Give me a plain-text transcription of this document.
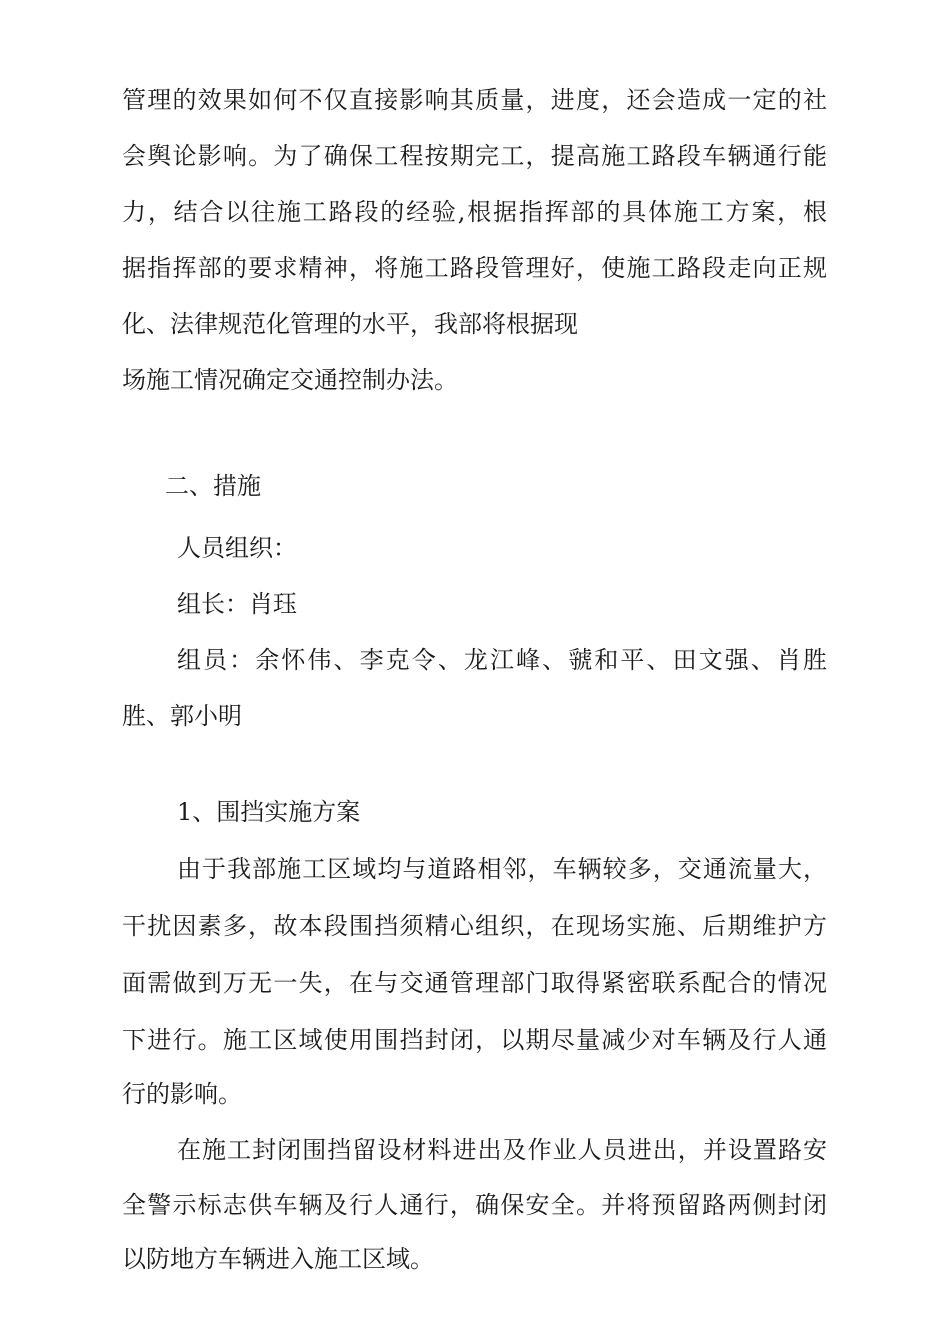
管理的效果如何不仅直接影响其质量，进度，还会造成一定的社
会舆论影响。为了确保工程按期完工，提高施工路段车辆通行能
力，结合以往施工路段的经验,根据指挥部的具体施工方案，根
据指挥部的要求精神，将施工路段管理好，使施工路段走向正规
化、法律规范化管理的水平，我部将根据现
场施工情况确定交通控制办法。
二、措施
人员组织：
组长：肖珏
组员：余怀伟、李克令、龙江峰、虢和平、田文强、肖胜
胜、郭小明
1、围挡实施方案
由于我部施工区域均与道路相邻，车辆较多，交通流量大，
干扰因素多，故本段围挡须精心组织，在现场实施、后期维护方
面需做到万无一失，在与交通管理部门取得紧密联系配合的情况
下进行。施工区域使用围挡封闭，以期尽量减少对车辆及行人通
行的影响。
在施工封闭围挡留设材料进出及作业人员进出，并设置路安
全警示标志供车辆及行人通行，确保安全。并将预留路两侧封闭
以防地方车辆进入施工区域。
